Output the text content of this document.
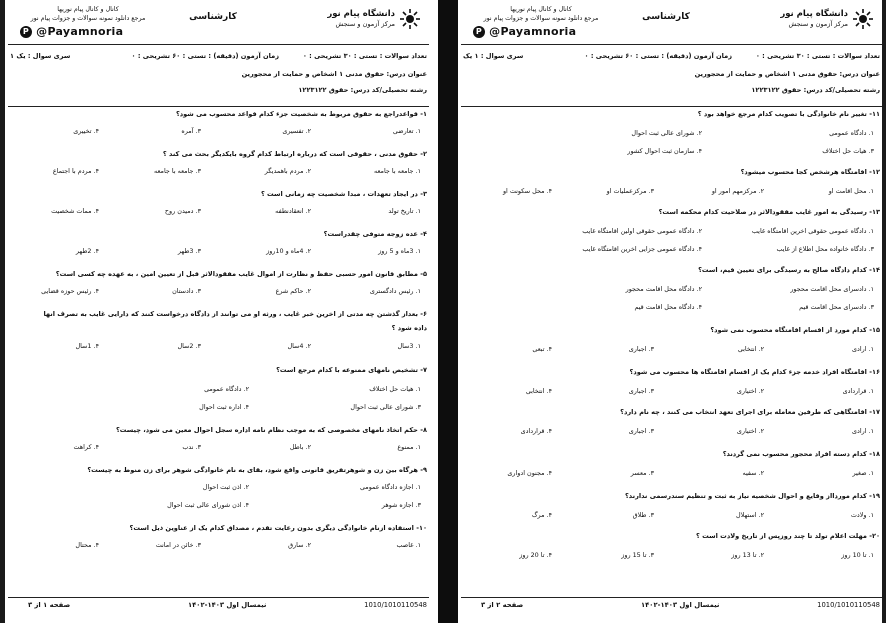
دانشگاه پیام نور
مرکز آزمون و سنجش
کارشناسی
کانال و کانال پیام نوریها
مرجع دانلود نمونه سوالات و جزوات پیام نور
P @Payamnoria
تعداد سوالات : تستی : ۳۰ تشریحی : ۰
زمان آزمون (دقیقه) : تستی : ۶۰ تشریحی : ۰
سری سوال : یک ۱
عنوان درس: حقوق مدنی ۱ اشخاص و حمایت از محجورین
رشته تحصیلی/کد درس: حقوق ۱۲۲۳۱۲۲
۱- قواعدراجع به حقوق مربوط به شخصیت جزء کدام قواعد محسوب می شود؟
۱. تعارضی
۲. تفسیری
۳. آمره
۴. تخییری
۲- حقوق مدنی ، حقوقی است که درباره ارتباط کدام گروه بایکدیگر بحث می کند ؟
۱. جامعه با جامعه
۲. مردم باهمدیگر
۳. جامعه با جامعه
۴. مردم با اجتماع
۳- در ایجاد تعهدات ، مبدا شخصیت چه زمانی است ؟
۱. تاریخ تولد
۲. انعقادنطفه
۳. دمیدن روح
۴. ممات شخصیت
۴- عده زوجه متوفی چقدراست؟
۱. 3ماه و 5 روز
۲. 4ماه و 10روز
۳. 3طهر
۴. 2طهر
۵- مطابق قانون امور حسبی حفظ و نظارت از اموال غایب مفقودالاثر قبل از تعیین امین ، به عهده چه کسی است؟
۱. رئیس دادگستری
۲. حاکم شرع
۳. دادستان
۴. رئیس حوزه قضایی
۶- بعداز گذشتن چه مدتی از اخرین خبر غایب ، ورثه او می توانند از دادگاه درخواست کنند که دارایی غایب به تصرف انها
داده شود ؟
۱. 3سال
۲. 4سال
۳. 2سال
۴. 1سال
۷- تشخیص نامهای ممنوعه با کدام مرجع است؟
۱. هیات حل اختلاف
۲. دادگاه عمومی
۳. شورای عالی ثبت احوال
۴. اداره ثبت احوال
۸- حکم اتخاذ نامهای مخصوصی که به موجب نظام نامه اداره سجل احوال معین می شود، چیست؟
۱. ممنوع
۲. باطل
۳. ندب
۴. کراهت
۹- هرگاه بین زن و شوهرتفریق قانونی واقع شود، بقای به نام خانوادگی شوهر برای زن منوط به چیست؟
۱. اجازه دادگاه عمومی
۲. اذن ثبت احوال
۳. اجازه شوهر
۴. اذن شورای عالی ثبت احوال
۱۰- استفاده ازنام خانوادگی دیگری بدون رعایت تقدم ، مصداق کدام یک از عناوین ذیل است؟
۱. غاصب
۲. سارق
۳. خائن در امانت
۴. محتال
1010/1010110548
نیمسال اول ۱۴۰۳-۱۴۰۲
صفحه ۱ از ۳
دانشگاه پیام نور
مرکز آزمون و سنجش
کارشناسی
کانال و کانال پیام نوریها
مرجع دانلود نمونه سوالات و جزوات پیام نور
P @Payamnoria
تعداد سوالات : تستی : ۳۰ تشریحی : ۰
زمان آزمون (دقیقه) : تستی : ۶۰ تشریحی : ۰
سری سوال : ۱ یک
عنوان درس: حقوق مدنی ۱ اشخاص و حمایت از محجورین
رشته تحصیلی/کد درس: حقوق ۱۲۲۳۱۲۲
۱۱- تغییر نام خانوادگی با تصویب کدام مرجع خواهد بود ؟
۱. دادگاه عمومی
۲. شورای عالی ثبت احوال
۳. هیات حل اختلاف
۴. سازمان ثبت احوال کشور
۱۲- اقامتگاه هرشخص کجا محسوب میشود؟
۱. محل اقامت او
۲. مرکزمهم امور او
۳. مرکزعملیات او
۴. محل سکونت او
۱۳- رسیدگی به امور غایب مفقودالاثر در صلاحیت کدام محکمه است؟
۱. دادگاه عمومی حقوقی اخرین اقامتگاه غایب
۲. دادگاه عمومی حقوقی اولین اقامتگاه غایب
۳. دادگاه خانواده محل اطلاع از غایب
۴. دادگاه عمومی جزایی اخرین اقامتگاه غایب
۱۴- کدام دادگاه صالح به رسیدگی برای تعیین قیم، است؟
۱. دادسرای محل اقامت محجور
۲. دادگاه محل اقامت محجور
۳. دادسرای محل اقامت قیم
۴. دادگاه محل اقامت قیم
۱۵- کدام مورد از اقسام اقامتگاه محسوب نمی شود؟
۱. ارادی
۲. انتخابی
۳. اجباری
۴. تبعی
۱۶- اقامتگاه افراد خدمه جزء کدام یک از اقسام اقامتگاه ها محسوب می شود؟
۱. قراردادی
۲. اختیاری
۳. اجباری
۴. انتخابی
۱۷- اقامتگاهی که طرفین معامله برای اجرای تعهد انتخاب می کنند ، چه نام دارد؟
۱. ارادی
۲. اختیاری
۳. اجباری
۴. قراردادی
۱۸- کدام دسته افراد محجور محسوب نمی گردند؟
۱. صغیر
۲. سفیه
۳. معسر
۴. مجنون ادواری
۱۹- کدام موردااز وقایع و احوال شخصیه نیاز به ثبت و تنظیم سندرسمی ندارند؟
۱. ولادت
۲. استهلال
۳. طلاق
۴. مرگ
۲۰- مهلت اعلام تولد تا چند روزپس از تاریخ ولادت است ؟
۱. تا 10 روز
۲. تا 13 روز
۳. تا 15 روز
۴. تا 20 روز
1010/1010110548
نیمسال اول ۱۴۰۳-۱۴۰۲
صفحه ۲ از ۳
